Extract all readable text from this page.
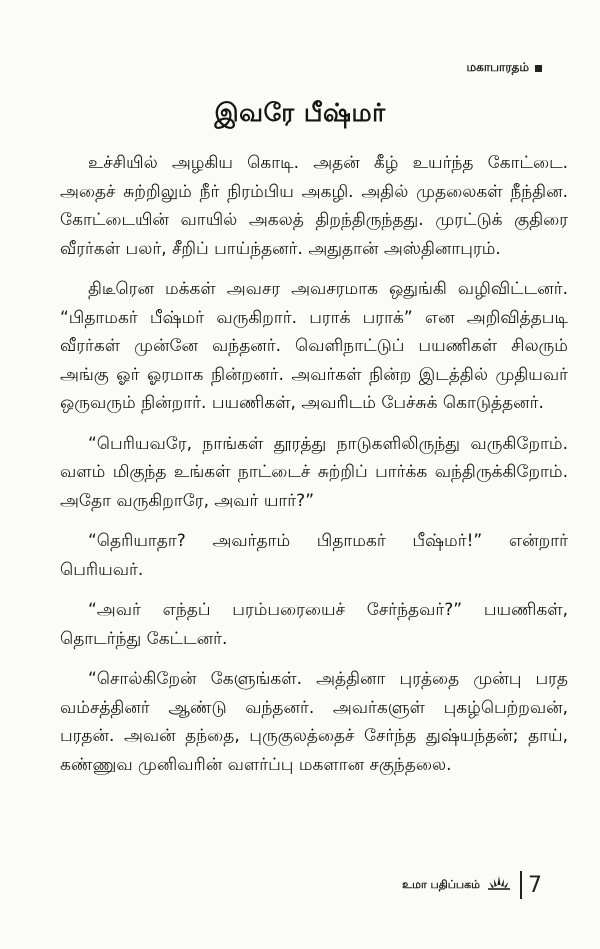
மகாபாரதம்
இவரே பீஷ்மர்

உச்சியில் அழகிய கொடி. அதன் கீழ் உயர்ந்த கோட்டை. அதைச் சுற்றிலும் நீர் நிரம்பிய அகழி. அதில் முதலைகள் நீந்தின. கோட்டையின் வாயில் அகலத் திறந்திருந்தது. முரட்டுக் குதிரை வீரர்கள் பலர், சீறிப் பாய்ந்தனர். அதுதான் அஸ்தினாபுரம்.

திடீரென மக்கள் அவசர அவசரமாக ஒதுங்கி வழிவிட்டனர். “பிதாமகர் பீஷ்மர் வருகிறார். பராக் பராக்” என அறிவித்தபடி வீரர்கள் முன்னே வந்தனர். வெளிநாட்டுப் பயணிகள் சிலரும் அங்கு ஓர் ஓரமாக நின்றனர். அவர்கள் நின்ற இடத்தில் முதியவர் ஒருவரும் நின்றார். பயணிகள், அவரிடம் பேச்சுக் கொடுத்தனர்.

“பெரியவரே, நாங்கள் தூரத்து நாடுகளிலிருந்து வருகிறோம். வளம் மிகுந்த உங்கள் நாட்டைச் சுற்றிப் பார்க்க வந்திருக்கிறோம். அதோ வருகிறாரே, அவர் யார்?”

“தெரியாதா? அவர்தாம் பிதாமகர் பீஷ்மர்!” என்றார் பெரியவர்.

“அவர் எந்தப் பரம்பரையைச் சேர்ந்தவர்?” பயணிகள், தொடர்ந்து கேட்டனர்.

“சொல்கிறேன் கேளுங்கள். அத்தினா புரத்தை முன்பு பரத வம்சத்தினர் ஆண்டு வந்தனர். அவர்களுள் புகழ்பெற்றவன், பரதன். அவன் தந்தை, புருகுலத்தைச் சேர்ந்த துஷ்யந்தன்; தாய், கண்ணுவ முனிவரின் வளர்ப்பு மகளான சகுந்தலை.

உமா பதிப்பகம் 7
